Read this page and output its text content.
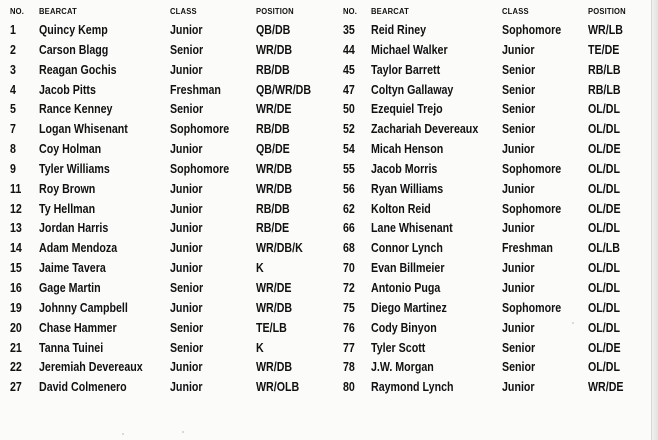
NO. BEARCAT	CLASS	POSITION	NO. BEARCAT	CLASS	POSITION
1 Quincy Kemp	Junior	QB/DB	35 Reid Riney	Sophomore WR/LB
2 Carson Blagg	Senior	WR/DB	44 Michael Walker	Junior	TE/DE
3 Reagan Gochis	Junior	RB/DB	45 Taylor Barrett	Senior	RB/LB
4 Jacob Pitts	Freshman	QB/WR/DB 47 Coltyn Gallaway	Senior	RB/LB
5 Rance Kenney	Senior	WR/DE	50 Ezequiel Trejo	Senior	OL/DL
7 Logan Whisenant	Sophomore RB/DB	52 Zachariah Devereaux Senior	OL/DL
8 Coy Holman	Junior	QB/DE	54 Micah Henson	Junior	OL/DE
9 Tyler Williams	Sophomore WR/DB	55 Jacob Morris	Sophomore OL/DL
11 Roy Brown	Junior	WR/DB	56 Ryan Williams	Junior	OL/DL
12 Ty Hellman	Junior	RB/DB	62 Kolton Reid	Sophomore OL/DE
13 Jordan Harris	Junior	RB/DE	66 Lane Whisenant	Junior	OL/DL
14 Adam Mendoza	Junior	WR/DB/K	68 Connor Lynch	Freshman	OL/LB
15 Jaime Tavera	Junior	K	70 Evan Billmeier	Junior	OL/DL
16 Gage Martin	Senior	WR/DE	72 Antonio Puga	Junior	OL/DL
19 Johnny Campbell	Junior	WR/DB	75 Diego Martinez	Sophomore OL/DL
20 Chase Hammer	Senior	TE/LB	76 Cody Binyon	Junior	OL/DL
21 Tanna Tuinei	Senior	K	77 Tyler Scott	Senior	OL/DE
22 Jeremiah Devereaux Junior	WR/DB	78 J.W. Morgan	Senior	OL/DL
27 David Colmenero	Junior	WR/OLB	80 Raymond Lynch	Junior	WR/DE
